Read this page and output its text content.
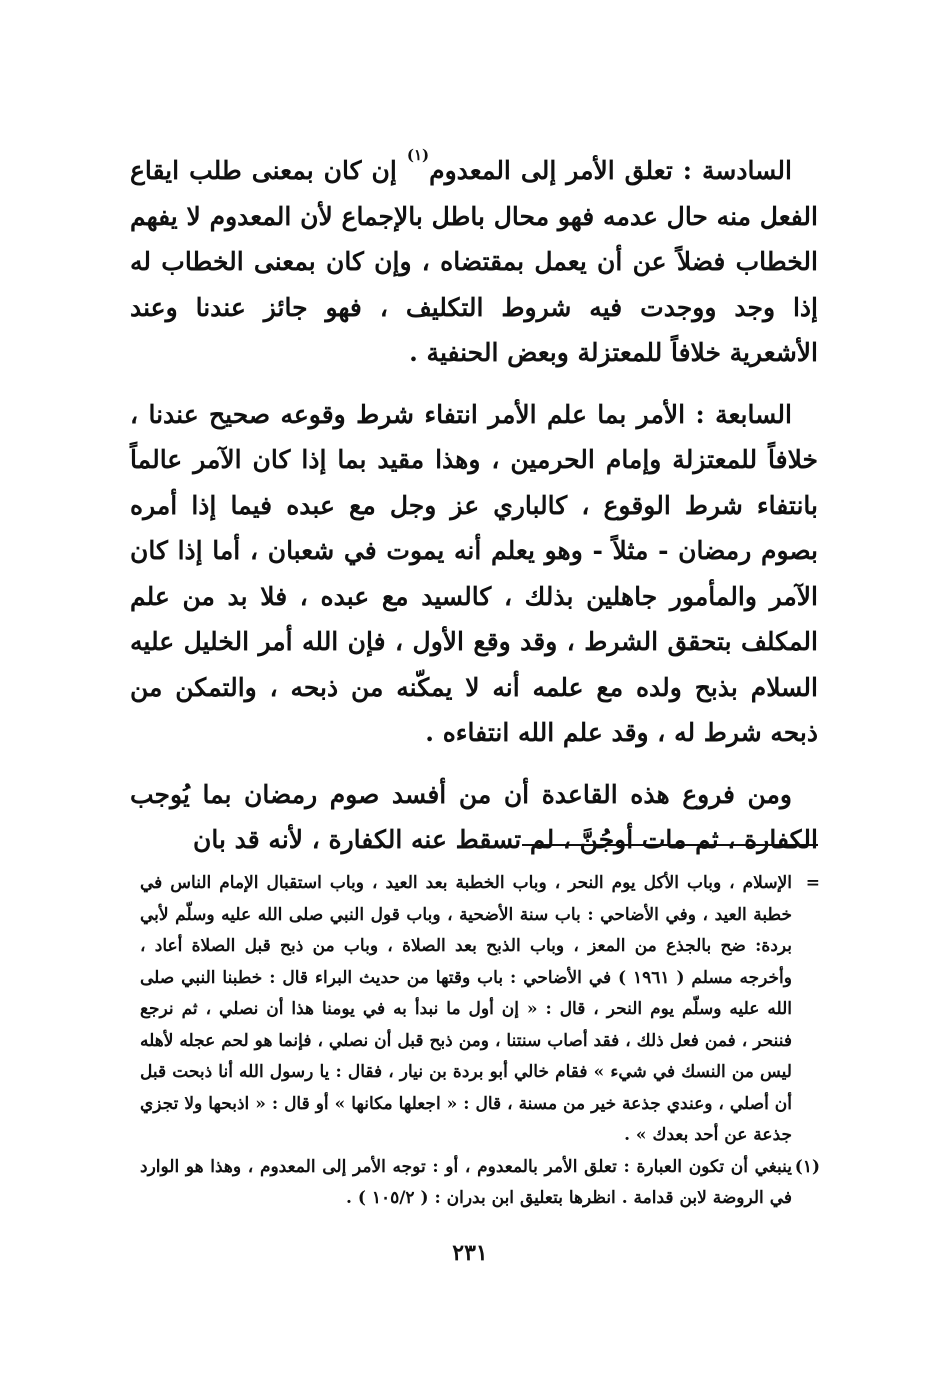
السادسة : تعلق الأمر إلى المعدوم$^{(١)}$ إن كان بمعنى طلب ايقاع الفعل منه حال عدمه فهو محال باطل بالإجماع لأن المعدوم لا يفهم الخطاب فضلاً عن أن يعمل بمقتضاه ، وإن كان بمعنى الخطاب له إذا وجد ووجدت فيه شروط التكليف ، فهو جائز عندنا وعند الأشعرية خلافاً للمعتزلة وبعض الحنفية .

السابعة : الأمر بما علم الأمر انتفاء شرط وقوعه صحيح عندنا ، خلافاً للمعتزلة وإمام الحرمين ، وهذا مقيد بما إذا كان الآمر عالماً بانتفاء شرط الوقوع ، كالباري عز وجل مع عبده فيما إذا أمره بصوم رمضان - مثلاً - وهو يعلم أنه يموت في شعبان ، أما إذا كان الآمر والمأمور جاهلين بذلك ، كالسيد مع عبده ، فلا بد من علم المكلف بتحقق الشرط ، وقد وقع الأول ، فإن الله أمر الخليل عليه السلام بذبح ولده مع علمه أنه لا يمكّنه من ذبحه ، والتمكن من ذبحه شرط له ، وقد علم الله انتفاءه .

ومن فروع هذه القاعدة أن من أفسد صوم رمضان بما يُوجب الكفارة ، ثم مات أوجُنَّ ، لم تسقط عنه الكفارة ، لأنه قد بان

=
الإسلام ، وباب الأكل يوم النحر ، وباب الخطبة بعد العيد ، وباب استقبال الإمام الناس في خطبة العيد ، وفي الأضاحي : باب سنة الأضحية ، وباب قول النبي صلى الله عليه وسلّم لأبي بردة: ضح بالجذع من المعز ، وباب الذبح بعد الصلاة ، وباب من ذبح قبل الصلاة أعاد ، وأخرجه مسلم ( ١٩٦١ ) في الأضاحي : باب وقتها من حديث البراء قال : خطبنا النبي صلى الله عليه وسلّم يوم النحر ، قال : « إن أول ما نبدأ به في يومنا هذا أن نصلي ، ثم نرجع فننحر ، فمن فعل ذلك ، فقد أصاب سنتنا ، ومن ذبح قبل أن نصلي ، فإنما هو لحم عجله لأهله ليس من النسك في شيء » فقام خالي أبو بردة بن نيار ، فقال : يا رسول الله أنا ذبحت قبل أن أصلي ، وعندي جذعة خير من مسنة ، قال : « اجعلها مكانها » أو قال : « اذبحها ولا تجزي جذعة عن أحد بعدك » .

(١)
ينبغي أن تكون العبارة : تعلق الأمر بالمعدوم ، أو : توجه الأمر إلى المعدوم ، وهذا هو الوارد في الروضة لابن قدامة . انظرها بتعليق ابن بدران : ( ١٠٥/٢ ) .

٢٣١
